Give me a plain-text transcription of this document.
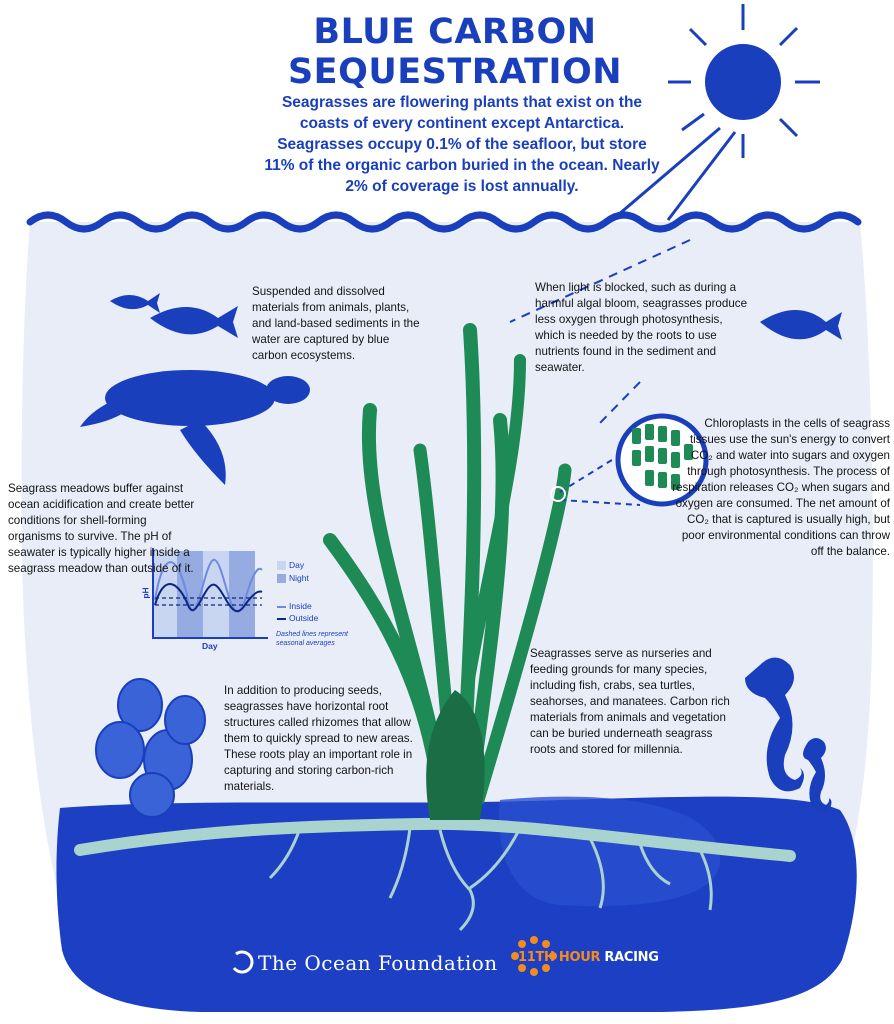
BLUE CARBON
SEQUESTRATION

Seagrasses are flowering plants that exist on the coasts of every continent except Antarctica. Seagrasses occupy 0.1% of the seafloor, but store 11% of the organic carbon buried in the ocean. Nearly 2% of coverage is lost annually.

Suspended and dissolved materials from animals, plants, and land-based sediments in the water are captured by blue carbon ecosystems.

When light is blocked, such as during a harmful algal bloom, seagrasses produce less oxygen through photosynthesis, which is needed by the roots to use nutrients found in the sediment and seawater.

Chloroplasts in the cells of seagrass tissues use the sun's energy to convert CO₂ and water into sugars and oxygen through photosynthesis. The process of respiration releases CO₂ when sugars and oxygen are consumed. The net amount of CO₂ that is captured is usually high, but poor environmental conditions can throw off the balance.

Seagrass meadows buffer against ocean acidification and create better conditions for shell-forming organisms to survive. The pH of seawater is typically higher inside a seagrass meadow than outside of it.

Seagrasses serve as nurseries and feeding grounds for many species, including fish, crabs, sea turtles, seahorses, and manatees. Carbon rich materials from animals and vegetation can be buried underneath seagrass roots and stored for millennia.

In addition to producing seeds, seagrasses have horizontal root structures called rhizomes that allow them to quickly spread to new areas. These roots play an important role in capturing and storing carbon-rich materials.

Day
Night
Inside
Outside
Dashed lines represent seasonal averages
pH
Day
The Ocean Foundation 11TH HOUR RACING
